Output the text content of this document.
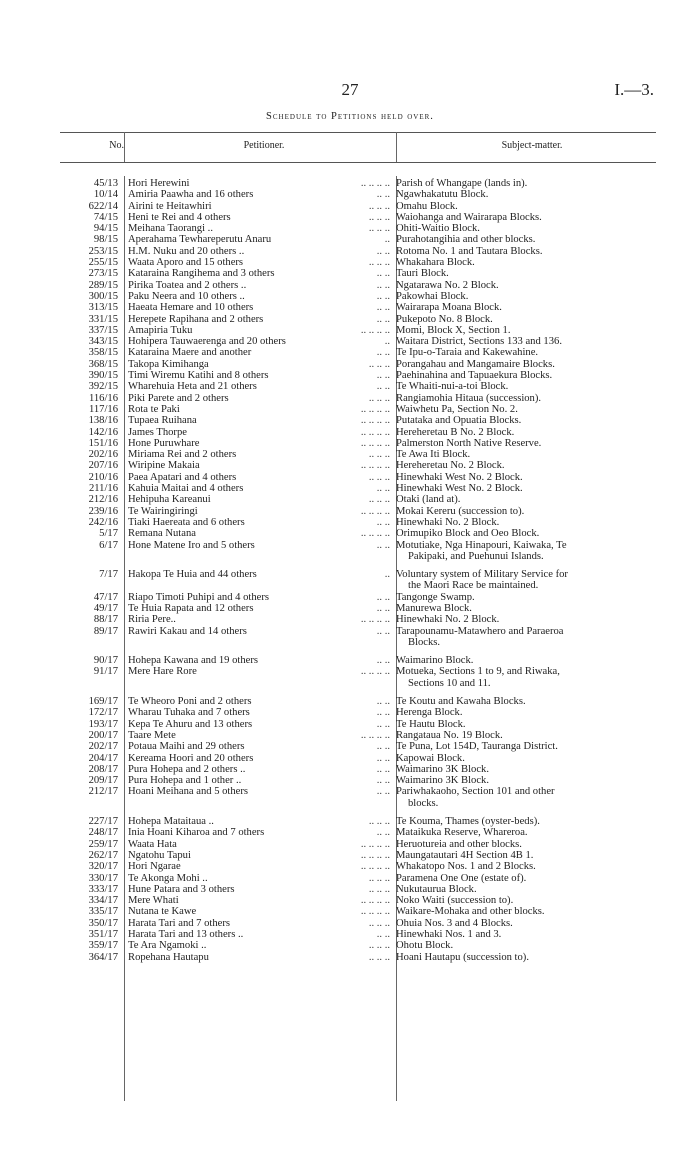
27	I.—3.
Schedule to Petitions held over.
No.	Petitioner.	Subject-matter.
45/13 Hori Herewini	.. .. .. .. Parish of Whangape (lands in).
10/14 Amiria Paawha and 16 others	.. .. Ngawhakatutu Block.
622/14 Airini te Heitawhiri	.. .. .. Omahu Block.
74/15 Heni te Rei and 4 others	.. .. .. Waiohanga and Wairarapa Blocks.
94/15 Meihana Taorangi ..	.. .. .. Ohiti-Waitio Block.
98/15 Aperahama Tewhareperutu Anaru	.. Purahotangihia and other blocks.
253/15 H.M. Nuku and 20 others ..	.. .. Rotoma No. 1 and Tautara Blocks.
255/15 Waata Aporo and 15 others	.. .. .. Whakahara Block.
273/15 Kataraina Rangihema and 3 others	.. .. Tauri Block.
289/15 Pirika Toatea and 2 others ..	.. .. Ngatarawa No. 2 Block.
300/15 Paku Neera and 10 others ..	.. .. Pakowhai Block.
313/15 Haeata Hemare and 10 others	.. .. Wairarapa Moana Block.
331/15 Herepete Rapihana and 2 others	.. .. Pukepoto No. 8 Block.
337/15 Amapiria Tuku	.. .. .. .. Momi, Block X, Section 1.
343/15 Hohipera Tauwaerenga and 20 others	.. Waitara District, Sections 133 and 136.
358/15 Kataraina Maere and another	.. .. Te Ipu-o-Taraia and Kakewahine.
368/15 Takopa Kimihanga	.. .. .. Porangahau and Mangamaire Blocks.
390/15 Timi Wiremu Katihi and 8 others	.. .. Paehinahina and Tapuaekura Blocks.
392/15 Wharehuia Heta and 21 others	.. .. Te Whaiti-nui-a-toi Block.
116/16 Piki Parete and 2 others	.. .. .. Rangiamohia Hitaua (succession).
117/16 Rota te Paki	.. .. .. .. Waiwhetu Pa, Section No. 2.
138/16 Tupaea Ruihana	.. .. .. .. Putataka and Opuatia Blocks.
142/16 James Thorpe	.. .. .. .. Hereheretau B No. 2 Block.
151/16 Hone Puruwhare	.. .. .. .. Palmerston North Native Reserve.
202/16 Miriama Rei and 2 others	.. .. .. Te Awa Iti Block.
207/16 Wiripine Makaia	.. .. .. .. Hereheretau No. 2 Block.
210/16 Paea Apatari and 4 others	.. .. .. Hinewhaki West No. 2 Block.
211/16 Kahuia Maitai and 4 others	.. .. Hinewhaki West No. 2 Block.
212/16 Hehipuha Kareanui	.. .. .. Otaki (land at).
239/16 Te Wairingiringi	.. .. .. .. Mokai Kereru (succession to).
242/16 Tiaki Haereata and 6 others	.. .. Hinewhaki No. 2 Block.
5/17 Remana Nutana	.. .. .. .. Orimupiko Block and Oeo Block.
6/17 Hone Matene Iro and 5 others	.. .. Motutiake, Nga Hinapouri, Kaiwaka, Te
Pakipaki, and Puehunui Islands.
7/17 Hakopa Te Huia and 44 others	.. Voluntary system of Military Service for
the Maori Race be maintained.
47/17 Riapo Timoti Puhipi and 4 others	.. .. Tangonge Swamp.
49/17 Te Huia Rapata and 12 others	.. .. Manurewa Block.
88/17 Riria Pere..	.. .. .. .. Hinewhaki No. 2 Block.
89/17 Rawiri Kakau and 14 others	.. .. Tarapounamu-Matawhero and Paraeroa
Blocks.
90/17 Hohepa Kawana and 19 others	.. .. Waimarino Block.
91/17 Mere Hare Rore	.. .. .. .. Motueka, Sections 1 to 9, and Riwaka,
Sections 10 and 11.
169/17 Te Wheoro Poni and 2 others	.. .. Te Koutu and Kawaha Blocks.
172/17 Wharau Tuhaka and 7 others	.. .. Herenga Block.
193/17 Kepa Te Ahuru and 13 others	.. .. Te Hautu Block.
200/17 Taare Mete	.. .. .. .. Rangataua No. 19 Block.
202/17 Potaua Maihi and 29 others	.. .. Te Puna, Lot 154D, Tauranga District.
204/17 Kereama Hoori and 20 others	.. .. Kapowai Block.
208/17 Pura Hohepa and 2 others ..	.. .. Waimarino 3K Block.
209/17 Pura Hohepa and 1 other ..	.. .. Waimarino 3K Block.
212/17 Hoani Meihana and 5 others	.. .. Pariwhakaoho, Section 101 and other
blocks.
227/17 Hohepa Mataitaua ..	.. .. .. Te Kouma, Thames (oyster-beds).
248/17 Inia Hoani Kiharoa and 7 others	.. .. Mataikuka Reserve, Whareroa.
259/17 Waata Hata	.. .. .. .. Heruotureia and other blocks.
262/17 Ngatohu Tapui	.. .. .. .. Maungatautari 4H Section 4B 1.
320/17 Hori Ngarae	.. .. .. .. Whakatopo Nos. 1 and 2 Blocks.
330/17 Te Akonga Mohi ..	.. .. .. Paramena One One (estate of).
333/17 Hune Patara and 3 others	.. .. .. Nukutaurua Block.
334/17 Mere Whati	.. .. .. .. Noko Waiti (succession to).
335/17 Nutana te Kawe	.. .. .. .. Waikare-Mohaka and other blocks.
350/17 Harata Tari and 7 others	.. .. .. Ohuia Nos. 3 and 4 Blocks.
351/17 Harata Tari and 13 others ..	.. .. Hinewhaki Nos. 1 and 3.
359/17 Te Ara Ngamoki ..	.. .. .. Ohotu Block.
364/17 Ropehana Hautapu	.. .. .. Hoani Hautapu (succession to).
